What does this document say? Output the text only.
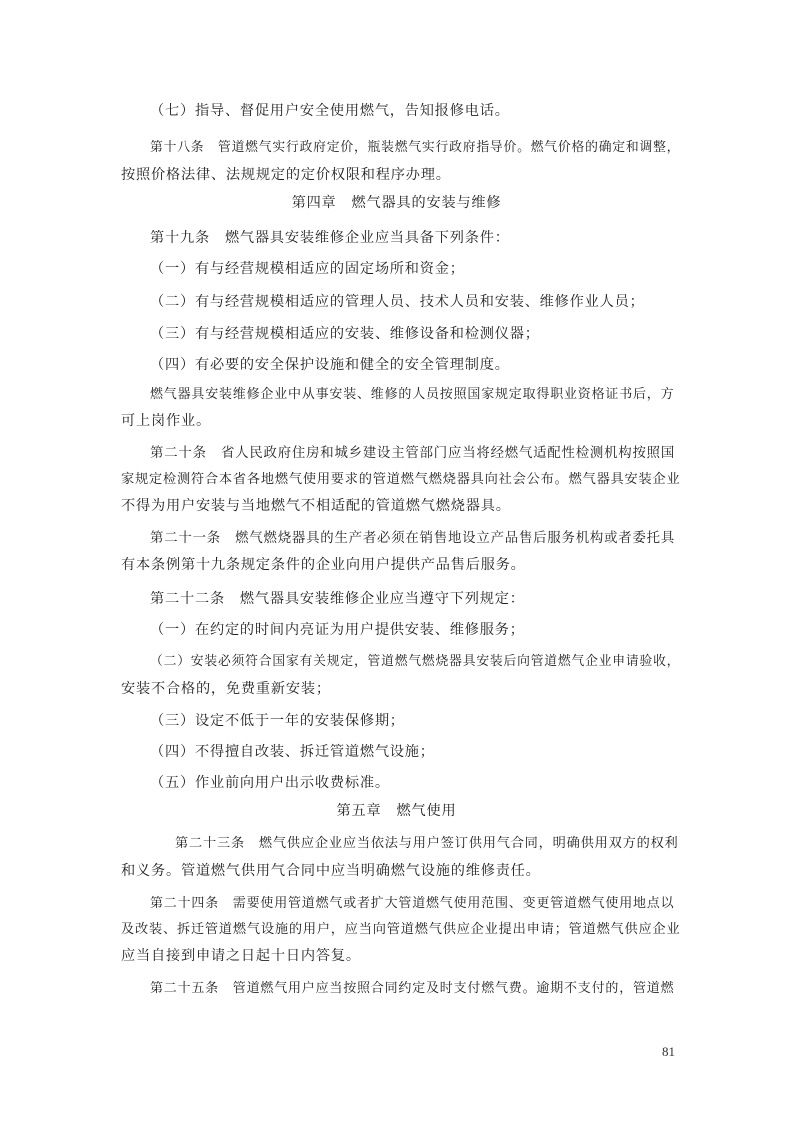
（七）指导、督促用户安全使用燃气，告知报修电话。
第十八条　管道燃气实行政府定价，瓶装燃气实行政府指导价。燃气价格的确定和调整，
按照价格法律、法规规定的定价权限和程序办理。
第四章　燃气器具的安装与维修
第十九条　燃气器具安装维修企业应当具备下列条件：
（一）有与经营规模相适应的固定场所和资金；
（二）有与经营规模相适应的管理人员、技术人员和安装、维修作业人员；
（三）有与经营规模相适应的安装、维修设备和检测仪器；
（四）有必要的安全保护设施和健全的安全管理制度。
燃气器具安装维修企业中从事安装、维修的人员按照国家规定取得职业资格证书后，方
可上岗作业。
第二十条　省人民政府住房和城乡建设主管部门应当将经燃气适配性检测机构按照国
家规定检测符合本省各地燃气使用要求的管道燃气燃烧器具向社会公布。燃气器具安装企业
不得为用户安装与当地燃气不相适配的管道燃气燃烧器具。
第二十一条　燃气燃烧器具的生产者必须在销售地设立产品售后服务机构或者委托具
有本条例第十九条规定条件的企业向用户提供产品售后服务。
第二十二条　燃气器具安装维修企业应当遵守下列规定：
（一）在约定的时间内亮证为用户提供安装、维修服务；
（二）安装必须符合国家有关规定，管道燃气燃烧器具安装后向管道燃气企业申请验收，
安装不合格的，免费重新安装；
（三）设定不低于一年的安装保修期；
（四）不得擅自改装、拆迁管道燃气设施；
（五）作业前向用户出示收费标准。
第五章　燃气使用
第二十三条　燃气供应企业应当依法与用户签订供用气合同，明确供用双方的权利
和义务。管道燃气供用气合同中应当明确燃气设施的维修责任。
第二十四条　需要使用管道燃气或者扩大管道燃气使用范围、变更管道燃气使用地点以
及改装、拆迁管道燃气设施的用户，应当向管道燃气供应企业提出申请；管道燃气供应企业
应当自接到申请之日起十日内答复。
第二十五条　管道燃气用户应当按照合同约定及时支付燃气费。逾期不支付的，管道燃
81
